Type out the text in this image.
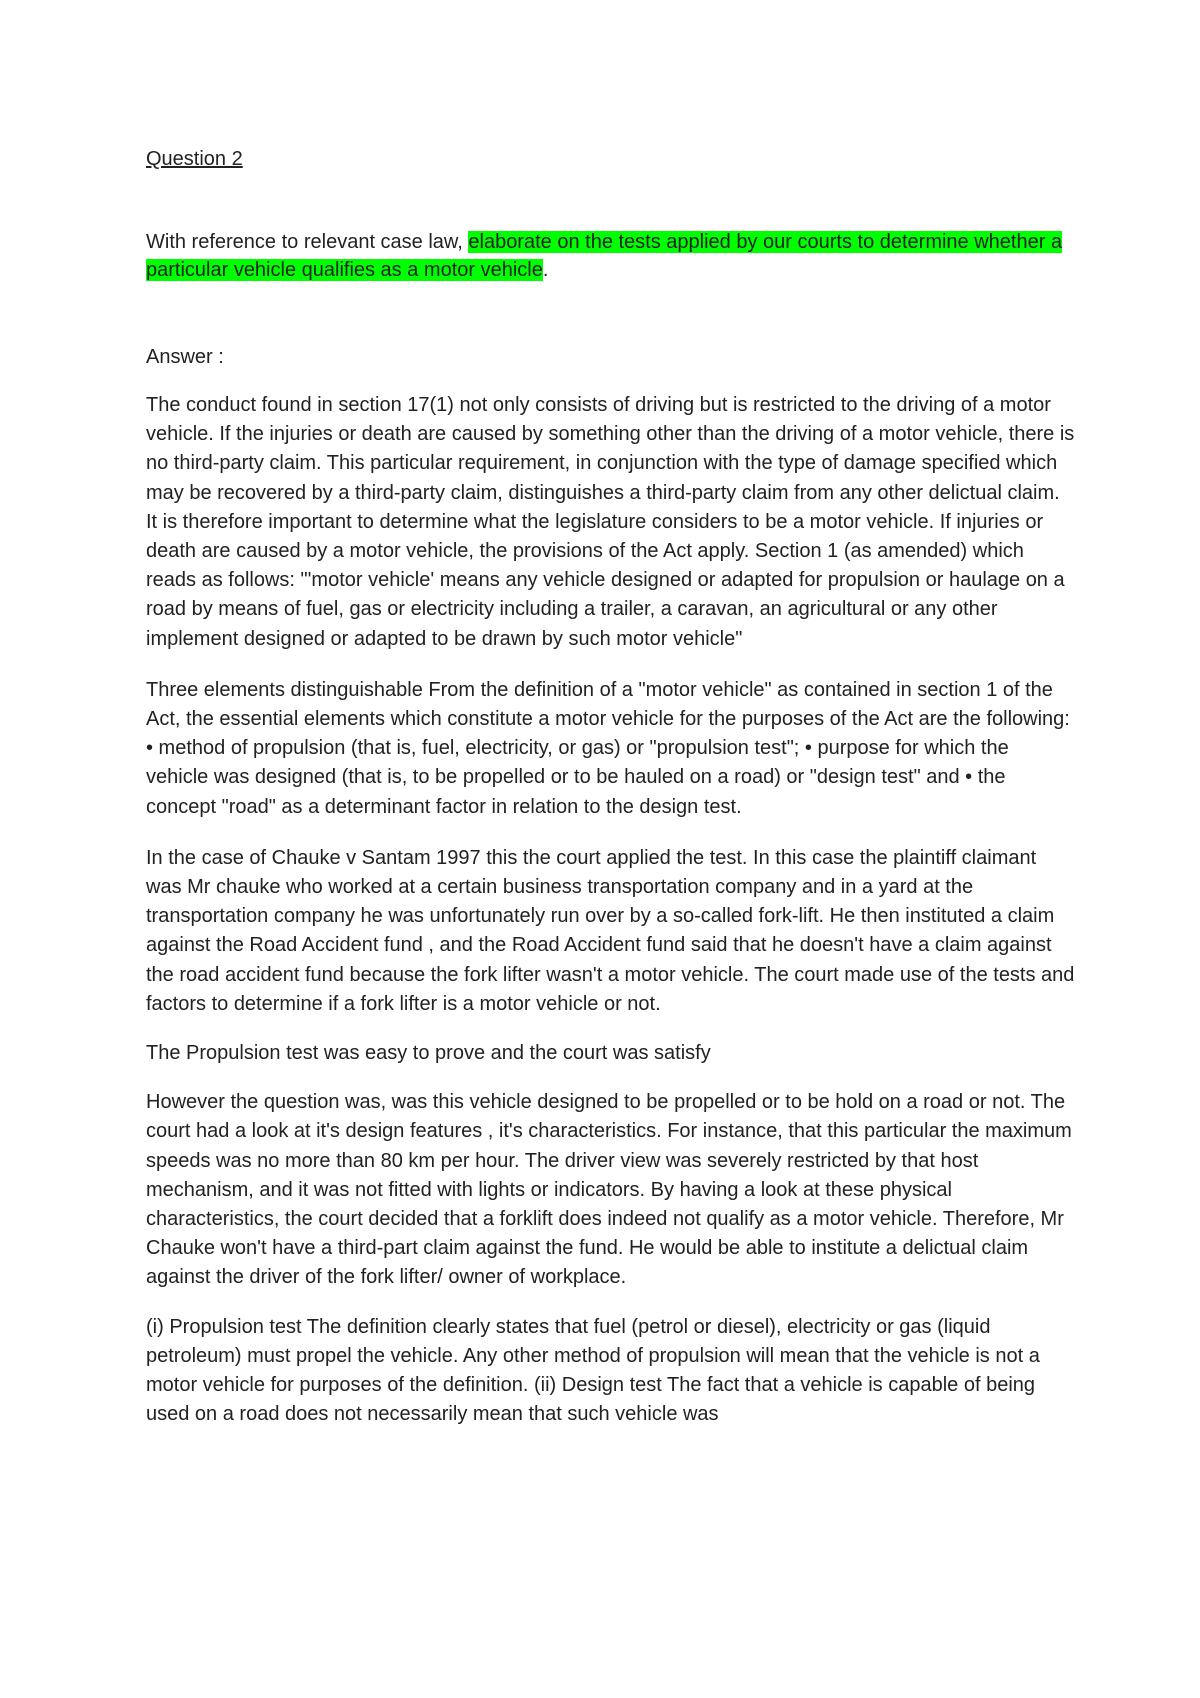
Question 2

With reference to relevant case law, elaborate on the tests applied by our courts to determine whether a particular vehicle qualifies as a motor vehicle.

Answer :

The conduct found in section 17(1) not only consists of driving but is restricted to the driving of a motor vehicle. If the injuries or death are caused by something other than the driving of a motor vehicle, there is no third-party claim. This particular requirement, in conjunction with the type of damage specified which may be recovered by a third-party claim, distinguishes a third-party claim from any other delictual claim. It is therefore important to determine what the legislature considers to be a motor vehicle. If injuries or death are caused by a motor vehicle, the provisions of the Act apply. Section 1 (as amended) which reads as follows: "'motor vehicle' means any vehicle designed or adapted for propulsion or haulage on a road by means of fuel, gas or electricity including a trailer, a caravan, an agricultural or any other implement designed or adapted to be drawn by such motor vehicle"

Three elements distinguishable From the definition of a "motor vehicle" as contained in section 1 of the Act, the essential elements which constitute a motor vehicle for the purposes of the Act are the following: • method of propulsion (that is, fuel, electricity, or gas) or "propulsion test"; • purpose for which the vehicle was designed (that is, to be propelled or to be hauled on a road) or "design test" and • the concept "road" as a determinant factor in relation to the design test.

In the case of Chauke v Santam 1997 this the court applied the test. In this case the plaintiff claimant was Mr chauke who worked at a certain business transportation company and in a yard at the transportation company he was unfortunately run over by a so-called fork-lift. He then instituted a claim against the Road Accident fund , and the Road Accident fund said that he doesn't have a claim against the road accident fund because the fork lifter wasn't a motor vehicle. The court made use of the tests and factors to determine if a fork lifter is a motor vehicle or not.

The Propulsion test was easy to prove and the court was satisfy

However the question was, was this vehicle designed to be propelled or to be hold on a road or not. The court had a look at it's design features , it's characteristics. For instance, that this particular the maximum speeds was no more than 80 km per hour. The driver view was severely restricted by that host mechanism, and it was not fitted with lights or indicators. By having a look at these physical characteristics, the court decided that a forklift does indeed not qualify as a motor vehicle. Therefore, Mr Chauke won't have a third-part claim against the fund. He would be able to institute a delictual claim against the driver of the fork lifter/ owner of workplace.

(i) Propulsion test The definition clearly states that fuel (petrol or diesel), electricity or gas (liquid petroleum) must propel the vehicle. Any other method of propulsion will mean that the vehicle is not a motor vehicle for purposes of the definition. (ii) Design test The fact that a vehicle is capable of being used on a road does not necessarily mean that such vehicle was
